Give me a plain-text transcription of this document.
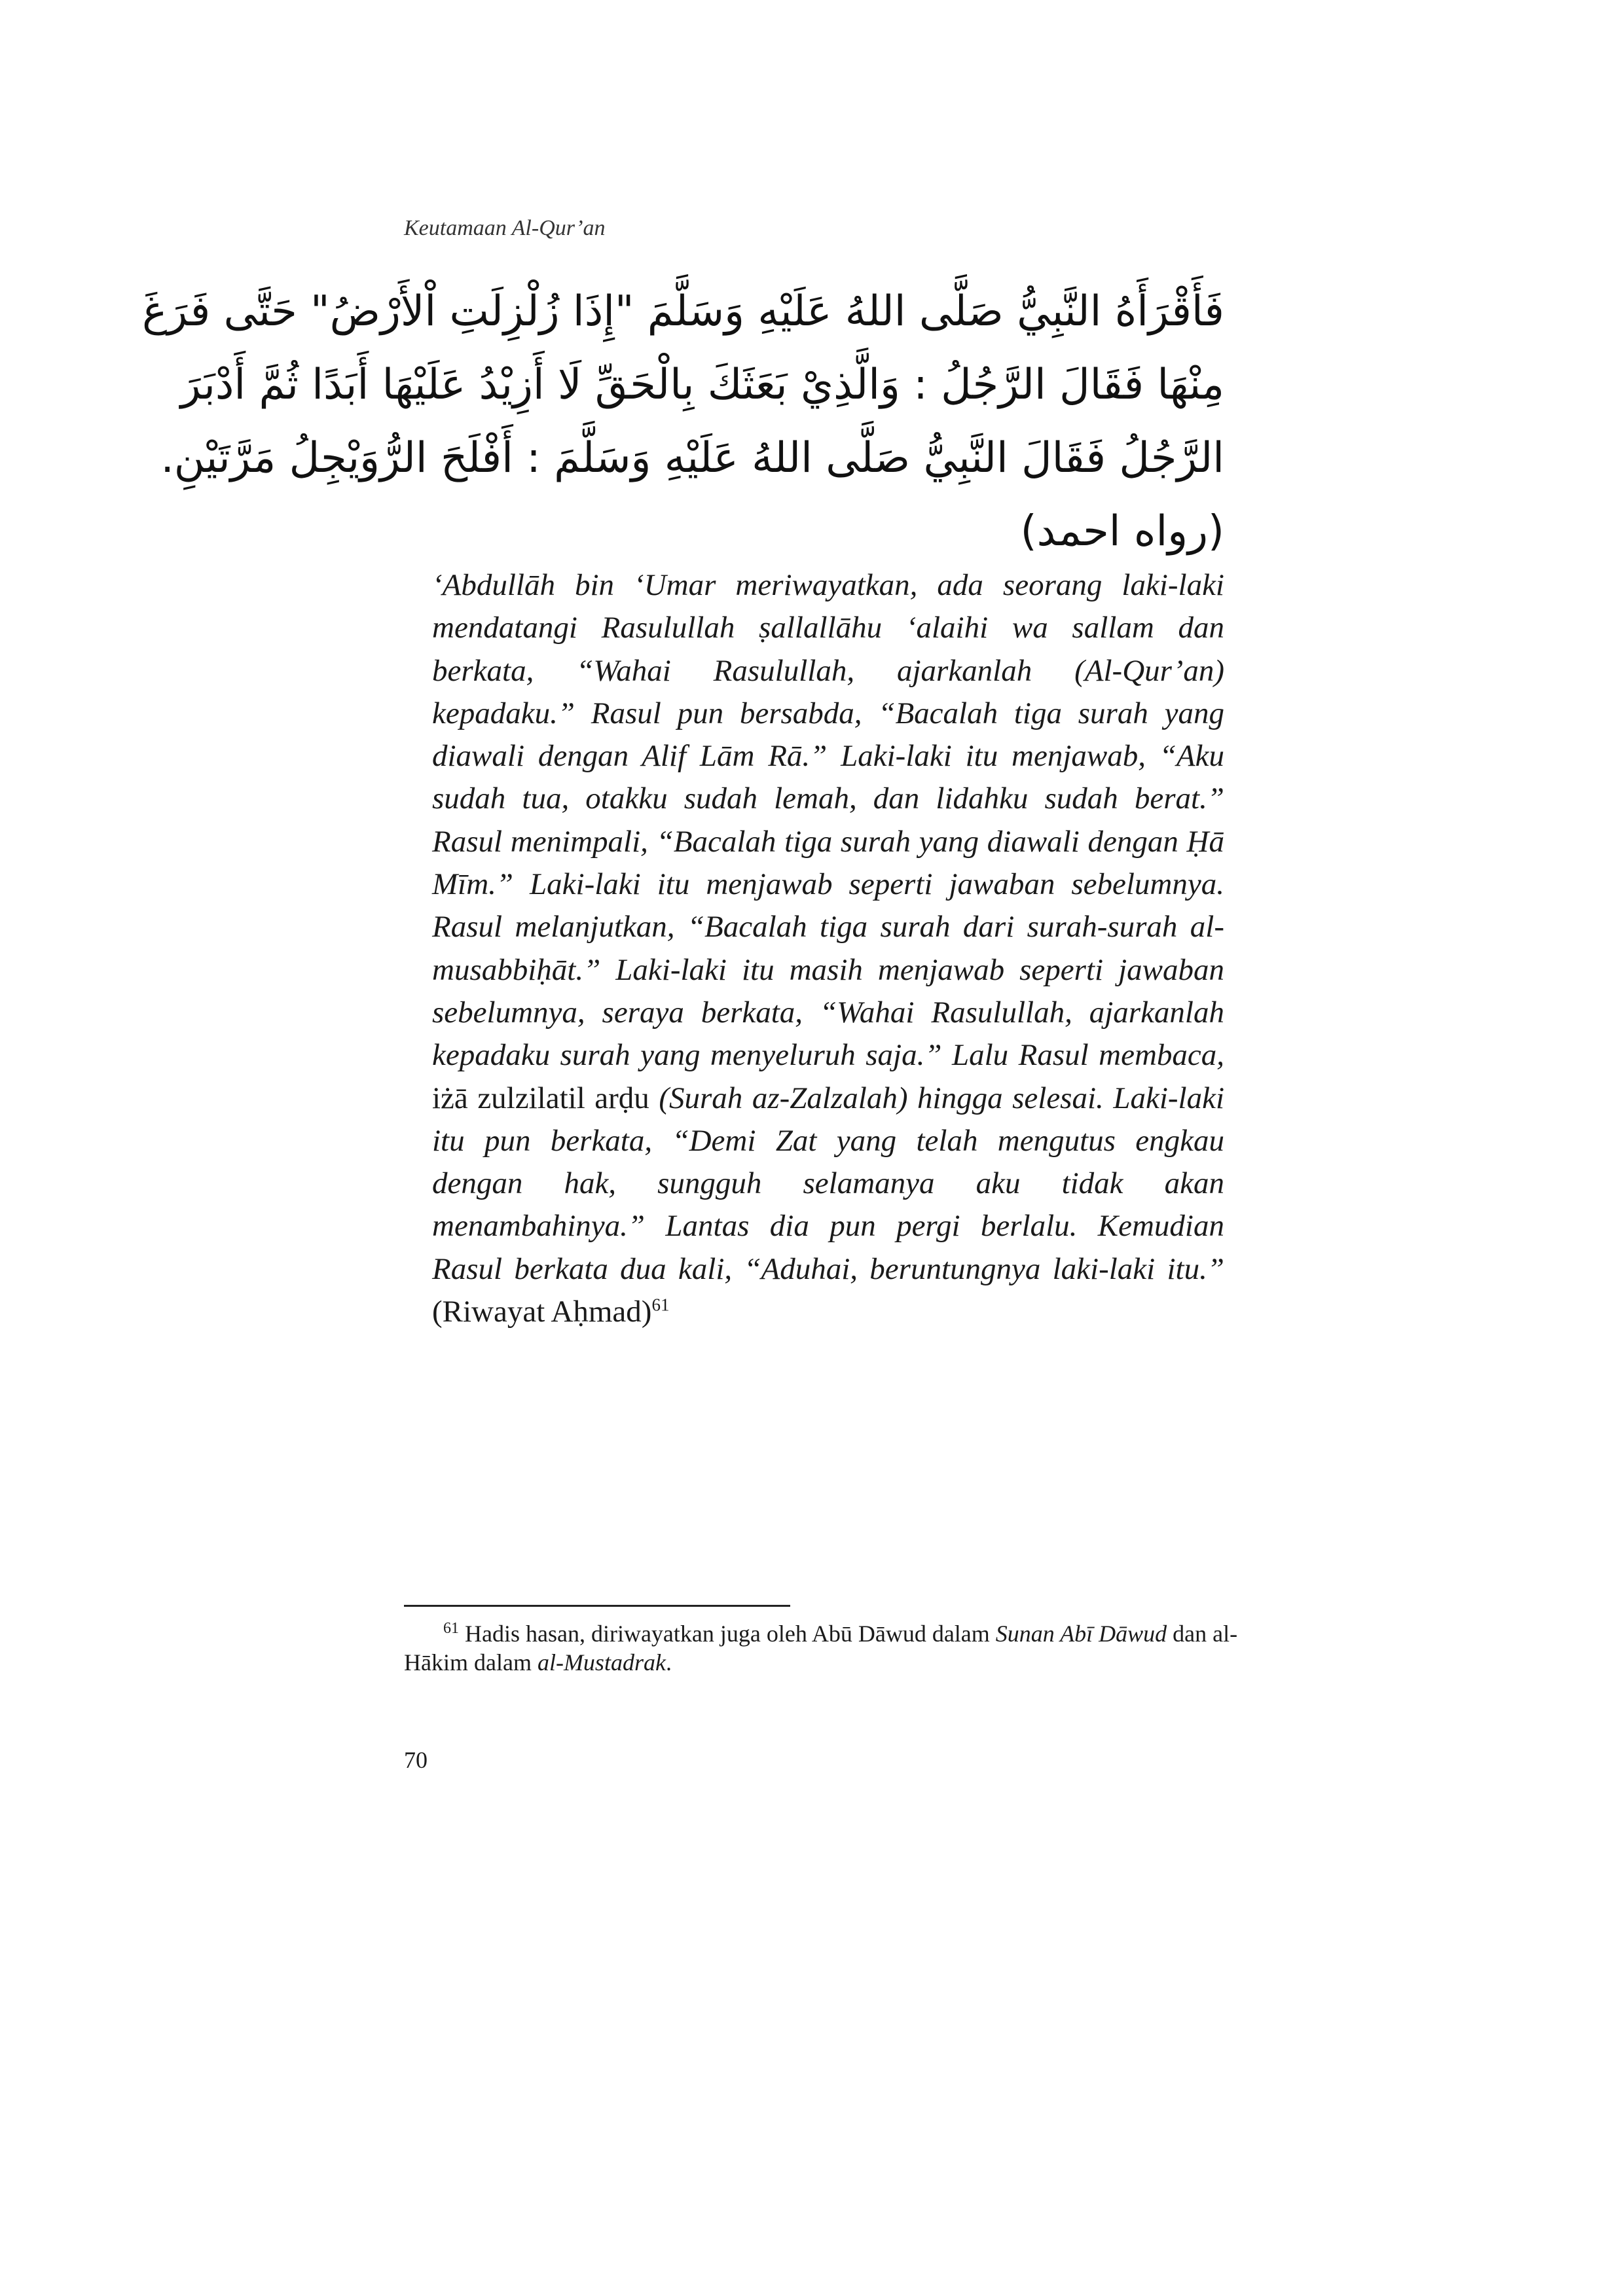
Keutamaan Al-Qur’an
فَأَقْرَأَهُ النَّبِيُّ صَلَّى اللهُ عَلَيْهِ وَسَلَّمَ "إِذَا زُلْزِلَتِ اْلأَرْضُ" حَتَّى فَرَغَ
مِنْهَا فَقَالَ الرَّجُلُ : وَالَّذِيْ بَعَثَكَ بِالْحَقِّ لَا أَزِيْدُ عَلَيْهَا أَبَدًا ثُمَّ أَدْبَرَ
الرَّجُلُ فَقَالَ النَّبِيُّ صَلَّى اللهُ عَلَيْهِ وَسَلَّمَ : أَفْلَحَ الرُّوَيْجِلُ مَرَّتَيْنِ.
(رواه احمد)

‘Abdullāh bin ‘Umar meriwayatkan, ada seorang laki-laki mendatangi Rasulullah ṣallallāhu ‘alaihi wa sallam dan berkata, “Wahai Rasulullah, ajarkanlah (Al-Qur’an) kepadaku.” Rasul pun bersabda, “Bacalah tiga surah yang diawali dengan Alif Lām Rā.” Laki-laki itu menjawab, “Aku sudah tua, otakku sudah lemah, dan lidahku sudah berat.” Rasul menimpali, “Bacalah tiga surah yang diawali dengan Ḥā Mīm.” Laki-laki itu menjawab seperti jawaban sebelumnya. Rasul melanjutkan, “Bacalah tiga surah dari surah-surah al-musabbiḥāt.” Laki-laki itu masih menjawab seperti jawaban sebelumnya, seraya berkata, “Wahai Rasulullah, ajarkanlah kepadaku surah yang menyeluruh saja.” Lalu Rasul membaca, iżā zulzilatil arḍu (Surah az-Zalzalah) hingga selesai. Laki-laki itu pun berkata, “Demi Zat yang telah mengutus engkau dengan hak, sungguh selamanya aku tidak akan menambahinya.” Lantas dia pun pergi berlalu. Kemudian Rasul berkata dua kali, “Aduhai, beruntungnya laki-laki itu.” (Riwayat Aḥmad)$^{61}$

$^{61}$ Hadis hasan, diriwayatkan juga oleh Abū Dāwud dalam Sunan Abī Dāwud dan al-Hākim dalam al-Mustadrak.

70
